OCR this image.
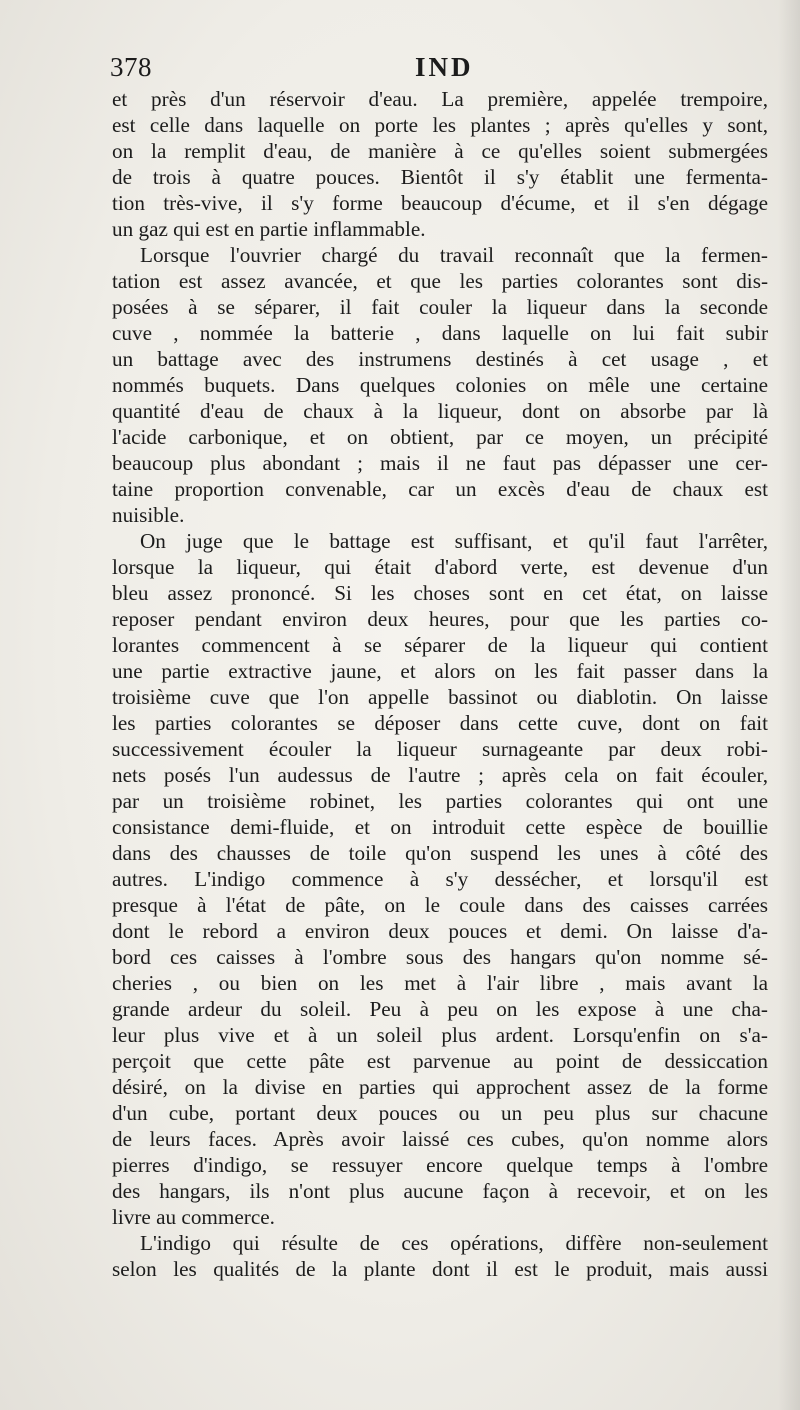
378	IND
et près d'un réservoir d'eau. La première, appelée trempoire,
est celle dans laquelle on porte les plantes ; après qu'elles y sont,
on la remplit d'eau, de manière à ce qu'elles soient submergées
de trois à quatre pouces. Bientôt il s'y établit une fermenta-
tion très-vive, il s'y forme beaucoup d'écume, et il s'en dégage
un gaz qui est en partie inflammable.
Lorsque l'ouvrier chargé du travail reconnaît que la fermen-
tation est assez avancée, et que les parties colorantes sont dis-
posées à se séparer, il fait couler la liqueur dans la seconde
cuve , nommée la batterie , dans laquelle on lui fait subir
un battage avec des instrumens destinés à cet usage , et
nommés buquets. Dans quelques colonies on mêle une certaine
quantité d'eau de chaux à la liqueur, dont on absorbe par là
l'acide carbonique, et on obtient, par ce moyen, un précipité
beaucoup plus abondant ; mais il ne faut pas dépasser une cer-
taine proportion convenable, car un excès d'eau de chaux est
nuisible.
On juge que le battage est suffisant, et qu'il faut l'arrêter,
lorsque la liqueur, qui était d'abord verte, est devenue d'un
bleu assez prononcé. Si les choses sont en cet état, on laisse
reposer pendant environ deux heures, pour que les parties co-
lorantes commencent à se séparer de la liqueur qui contient
une partie extractive jaune, et alors on les fait passer dans la
troisième cuve que l'on appelle bassinot ou diablotin. On laisse
les parties colorantes se déposer dans cette cuve, dont on fait
successivement écouler la liqueur surnageante par deux robi-
nets posés l'un audessus de l'autre ; après cela on fait écouler,
par un troisième robinet, les parties colorantes qui ont une
consistance demi-fluide, et on introduit cette espèce de bouillie
dans des chausses de toile qu'on suspend les unes à côté des
autres. L'indigo commence à s'y dessécher, et lorsqu'il est
presque à l'état de pâte, on le coule dans des caisses carrées
dont le rebord a environ deux pouces et demi. On laisse d'a-
bord ces caisses à l'ombre sous des hangars qu'on nomme sé-
cheries , ou bien on les met à l'air libre , mais avant la
grande ardeur du soleil. Peu à peu on les expose à une cha-
leur plus vive et à un soleil plus ardent. Lorsqu'enfin on s'a-
perçoit que cette pâte est parvenue au point de dessiccation
désiré, on la divise en parties qui approchent assez de la forme
d'un cube, portant deux pouces ou un peu plus sur chacune
de leurs faces. Après avoir laissé ces cubes, qu'on nomme alors
pierres d'indigo, se ressuyer encore quelque temps à l'ombre
des hangars, ils n'ont plus aucune façon à recevoir, et on les
livre au commerce.
L'indigo qui résulte de ces opérations, diffère non-seulement
selon les qualités de la plante dont il est le produit, mais aussi
